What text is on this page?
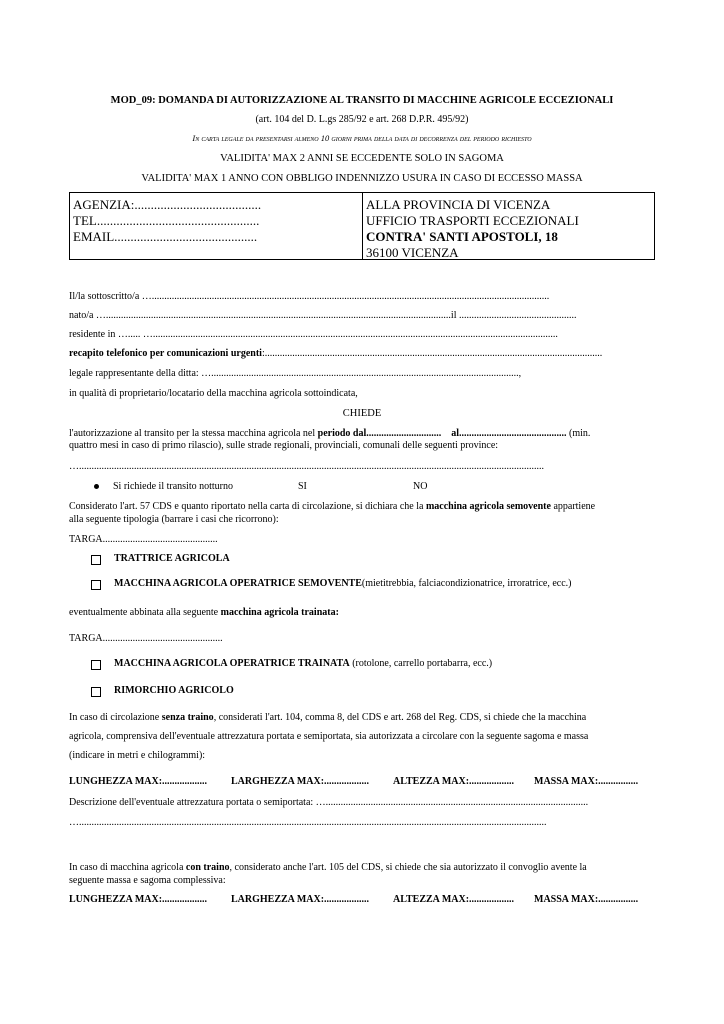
MOD_09: DOMANDA DI AUTORIZZAZIONE AL TRANSITO DI MACCHINE AGRICOLE ECCEZIONALI
(art. 104 del D. L.gs 285/92 e art. 268 D.P.R. 495/92)
In carta legale da presentarsi almeno 10 giorni prima della data di decorrenza del periodo richiesto
VALIDITA' MAX 2 ANNI SE ECCEDENTE SOLO IN SAGOMA
VALIDITA' MAX 1 ANNO CON OBBLIGO INDENNIZZO USURA IN CASO DI ECCESSO MASSA
AGENZIA:.......................................
TEL..................................................
EMAIL............................................
ALLA PROVINCIA DI VICENZA
UFFICIO TRASPORTI ECCEZIONALI
CONTRA' SANTI APOSTOLI, 18
36100 VICENZA
Il/la sottoscritto/a …...............................................................................................................................................................
nato/a …..........................................................................................................................................il ...............................................
residente in …..... …..................................................................................................................................................................
recapito telefonico per comunicazioni urgenti:.......................................................................................................................................
legale rappresentante della ditta: …...........................................................................................................................,
in qualità di proprietario/locatario della macchina agricola sottoindicata,
CHIEDE
l'autorizzazione al transito per la stessa macchina agricola nel periodo dal.............................. al........................................... (min.
quattro mesi in caso di primo rilascio), sulle strade regionali, provinciali, comunali delle seguenti province:
…..........................................................................................................................................................................................
Si richiede il transito notturno	SI	NO
Considerato l'art. 57 CDS e quanto riportato nella carta di circolazione, si dichiara che la macchina agricola semovente appartiene
alla seguente tipologia (barrare i casi che ricorrono):
TARGA..............................................
TRATTRICE AGRICOLA
MACCHINA AGRICOLA OPERATRICE SEMOVENTE(mietitrebbia, falciacondizionatrice, irroratrice, ecc.)
eventualmente abbinata alla seguente macchina agricola trainata:
TARGA................................................
MACCHINA AGRICOLA OPERATRICE TRAINATA (rotolone, carrello portabarra, ecc.)
RIMORCHIO AGRICOLO
In caso di circolazione senza traino, considerati l'art. 104, comma 8, del CDS e art. 268 del Reg. CDS, si chiede che la macchina
agricola, comprensiva dell'eventuale attrezzatura portata e semiportata, sia autorizzata a circolare con la seguente sagoma e massa
(indicare in metri e chilogrammi):
LUNGHEZZA MAX:.................. LARGHEZZA MAX:.................. ALTEZZA MAX:.................. MASSA MAX:................
Descrizione dell'eventuale attrezzatura portata o semiportata: ….........................................................................................................
…...........................................................................................................................................................................................
In caso di macchina agricola con traino, considerato anche l'art. 105 del CDS, si chiede che sia autorizzato il convoglio avente la
seguente massa e sagoma complessiva:
LUNGHEZZA MAX:.................. LARGHEZZA MAX:.................. ALTEZZA MAX:.................. MASSA MAX:................
